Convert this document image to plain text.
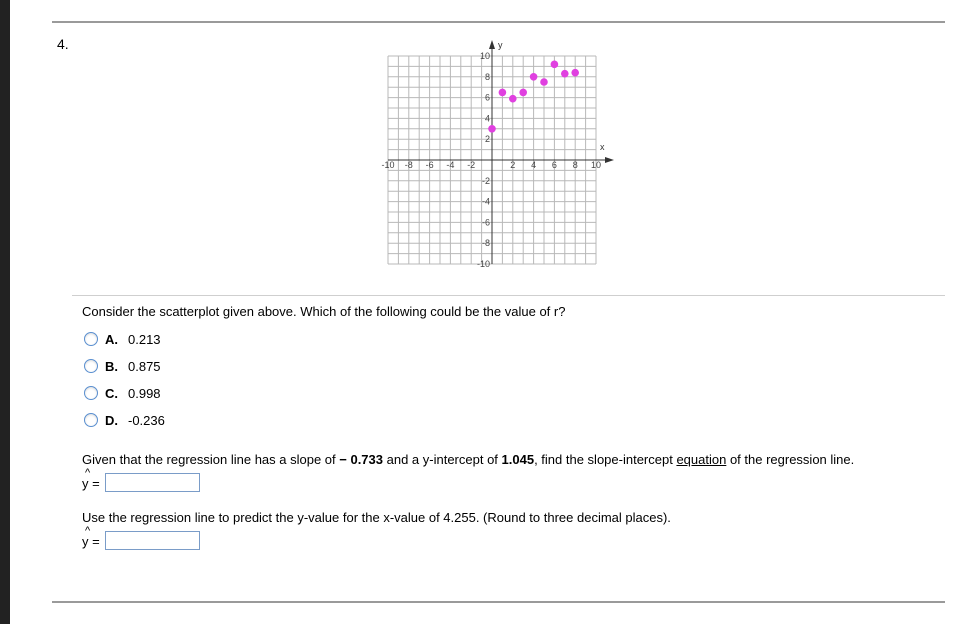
4.	y
x
-10 -8 -6 -4 -2	2 4 6 8 10
10
8
6
4
2
-2
-4
-6
-8
-10
Consider the scatterplot given above. Which of the following could be the value of r?
A. 0.213
B. 0.875
C. 0.998
D. -0.236
Given that the regression line has a slope of − 0.733 and a y-intercept of 1.045, find the slope-intercept equation of the regression line.
^
y =
Use the regression line to predict the y-value for the x-value of 4.255. (Round to three decimal places).
^
y =
